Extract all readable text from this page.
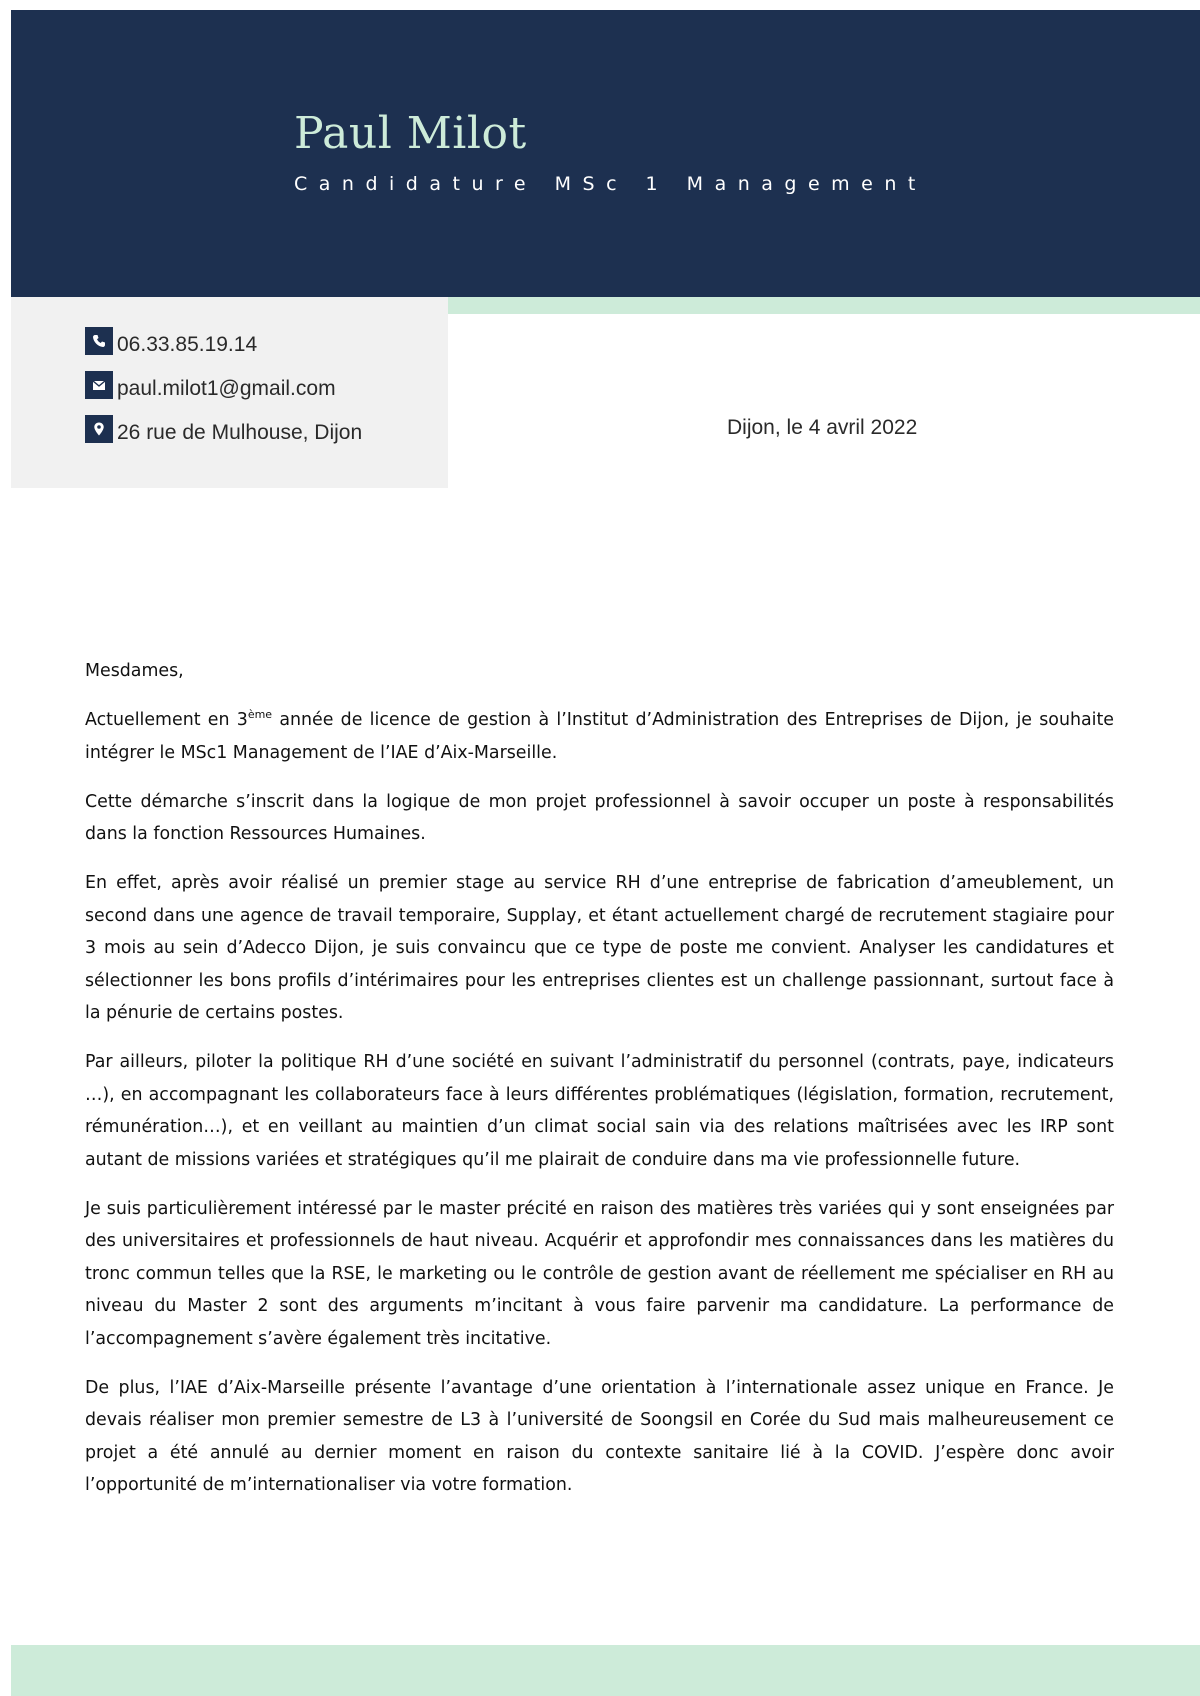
Paul Milot
Candidature MSc 1 Management
06.33.85.19.14
paul.milot1@gmail.com
26 rue de Mulhouse, Dijon	Dijon, le 4 avril 2022

Mesdames,

Actuellement en 3ème année de licence de gestion à l’Institut d’Administration des Entreprises de Dijon, je souhaite intégrer le MSc1 Management de l’IAE d’Aix-Marseille.

Cette démarche s’inscrit dans la logique de mon projet professionnel à savoir occuper un poste à responsabilités dans la fonction Ressources Humaines.

En effet, après avoir réalisé un premier stage au service RH d’une entreprise de fabrication d’ameublement, un second dans une agence de travail temporaire, Supplay, et étant actuellement chargé de recrutement stagiaire pour 3 mois au sein d’Adecco Dijon, je suis convaincu que ce type de poste me convient. Analyser les candidatures et sélectionner les bons profils d’intérimaires pour les entreprises clientes est un challenge passionnant, surtout face à la pénurie de certains postes.

Par ailleurs, piloter la politique RH d’une société en suivant l’administratif du personnel (contrats, paye, indicateurs …), en accompagnant les collaborateurs face à leurs différentes problématiques (législation, formation, recrutement, rémunération…), et en veillant au maintien d’un climat social sain via des relations maîtrisées avec les IRP sont autant de missions variées et stratégiques qu’il me plairait de conduire dans ma vie professionnelle future.

Je suis particulièrement intéressé par le master précité en raison des matières très variées qui y sont enseignées par des universitaires et professionnels de haut niveau. Acquérir et approfondir mes connaissances dans les matières du tronc commun telles que la RSE, le marketing ou le contrôle de gestion avant de réellement me spécialiser en RH au niveau du Master 2 sont des arguments m’incitant à vous faire parvenir ma candidature. La performance de l’accompagnement s’avère également très incitative.

De plus, l’IAE d’Aix-Marseille présente l’avantage d’une orientation à l’internationale assez unique en France. Je devais réaliser mon premier semestre de L3 à l’université de Soongsil en Corée du Sud mais malheureusement ce projet a été annulé au dernier moment en raison du contexte sanitaire lié à la COVID. J’espère donc avoir l’opportunité de m’internationaliser via votre formation.
